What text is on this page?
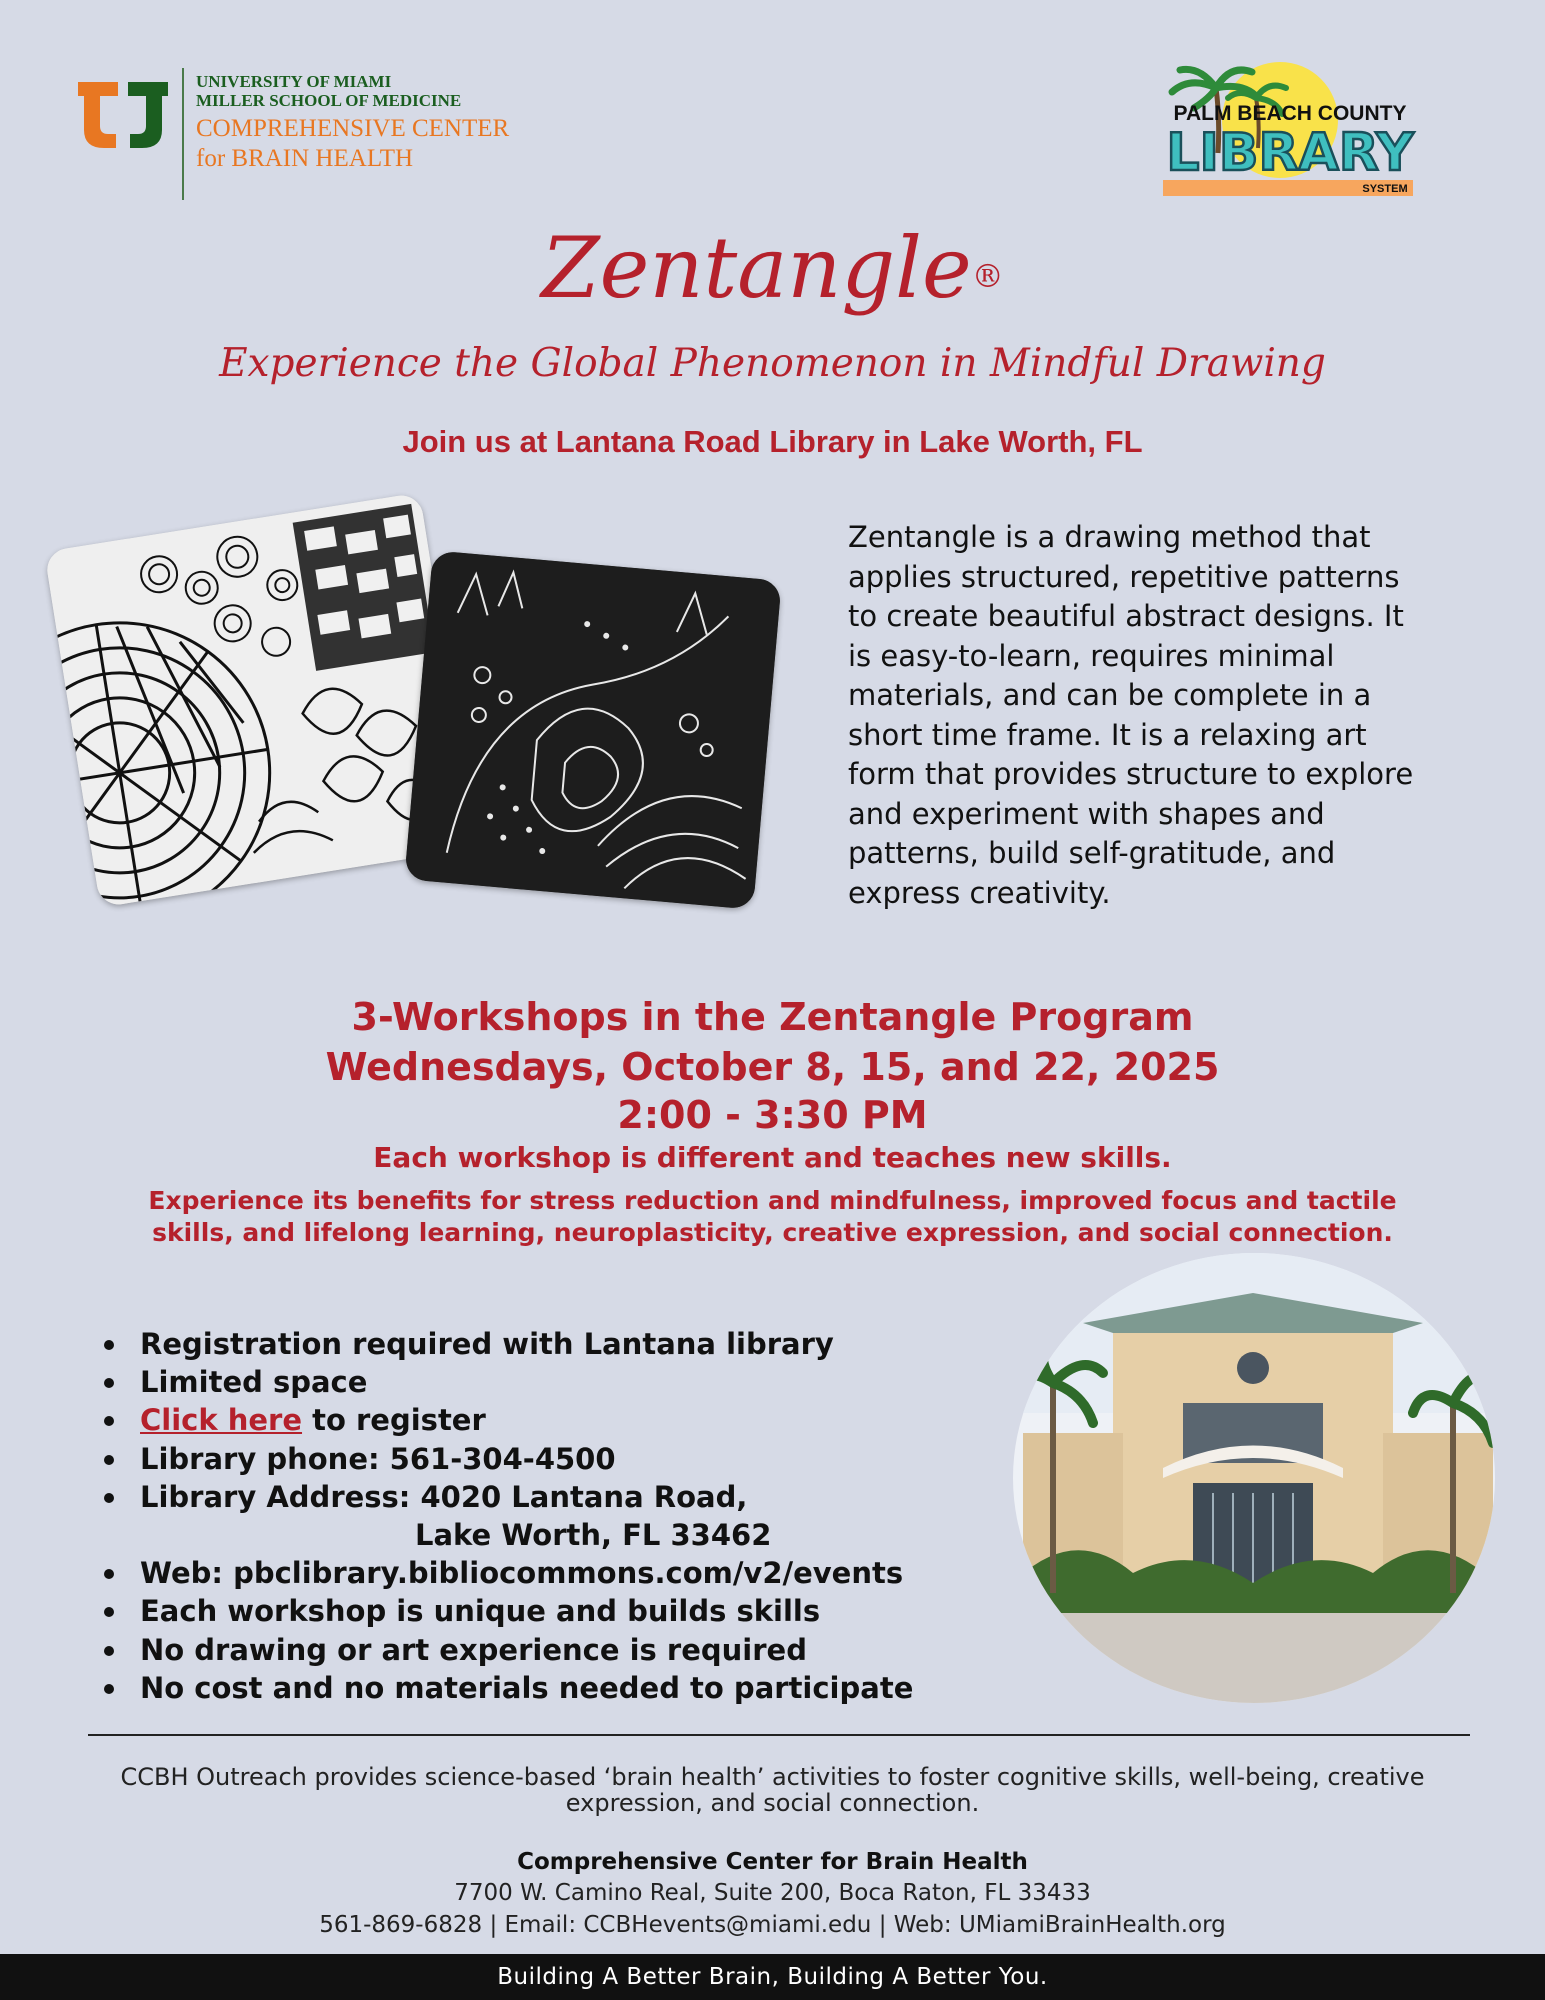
UNIVERSITY OF MIAMI
MILLER SCHOOL OF MEDICINE
COMPREHENSIVE CENTER
for BRAIN HEALTH
PALM BEACH COUNTY
LIBRARY
SYSTEM
Zentangle®
Experience the Global Phenomenon in Mindful Drawing
Join us at Lantana Road Library in Lake Worth, FL
Zentangle is a drawing method that applies structured, repetitive patterns to create beautiful abstract designs. It is easy-to-learn, requires minimal materials, and can be complete in a short time frame. It is a relaxing art form that provides structure to explore and experiment with shapes and patterns, build self-gratitude, and express creativity.
3-Workshops in the Zentangle Program
Wednesdays, October 8, 15, and 22, 2025
2:00 - 3:30 PM
Each workshop is different and teaches new skills.
Experience its benefits for stress reduction and mindfulness, improved focus and tactile skills, and lifelong learning, neuroplasticity, creative expression, and social connection.
Registration required with Lantana library
Limited space
Click here to register
Library phone: 561-304-4500
Library Address: 4020 Lantana Road,
Lake Worth, FL 33462
Web: pbclibrary.bibliocommons.com/v2/events
Each workshop is unique and builds skills
No drawing or art experience is required
No cost and no materials needed to participate
CCBH Outreach provides science-based ‘brain health’ activities to foster cognitive skills, well-being, creative expression, and social connection.
Comprehensive Center for Brain Health
7700 W. Camino Real, Suite 200, Boca Raton, FL 33433
561-869-6828 | Email: CCBHevents@miami.edu | Web: UMiamiBrainHealth.org
Building A Better Brain, Building A Better You.
